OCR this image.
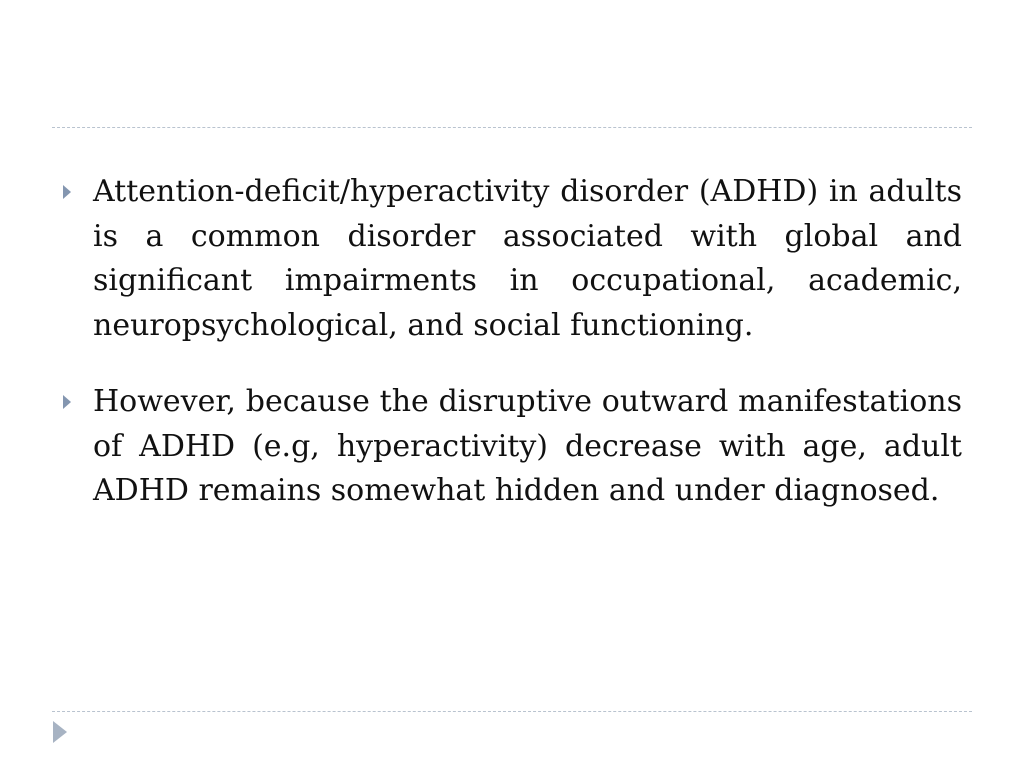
Attention-deficit/hyperactivity disorder (ADHD) in adults is a common disorder associated with global and significant impairments in occupational, academic, neuropsychological, and social functioning.
However, because the disruptive outward manifestations of ADHD (e.g, hyperactivity) decrease with age, adult ADHD remains somewhat hidden and under diagnosed.
